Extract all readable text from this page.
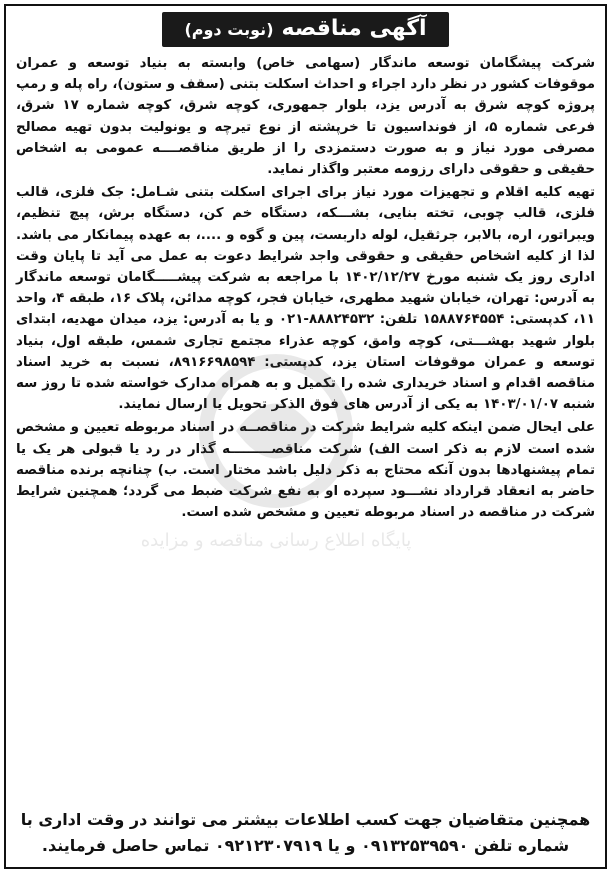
پایگاه اطلاع رسانی مناقصه و مزایده
آگهی مناقصه
(نوبت دوم)

شرکت پیشگامان توسعه ماندگار (سهامی خاص) وابسته به بنیاد توسعه و عمران موقوفات کشور در نظر دارد اجراء و احداث اسکلت بتنی (سقف و ستون)، راه پله و رمپ پروژه کوچه شرق به آدرس یزد، بلوار جمهوری، کوچه شرق، کوچه شماره ۱۷ شرق، فرعی شماره ۵، از فونداسیون تا خرپشته از نوع تیرچه و یونولیت بدون تهیه مصالح مصرفی مورد نیاز و به صورت دستمزدی را از طریق مناقصــــه عمومی به اشخاص حقیقی و حقوقی دارای رزومه معتبر واگذار نماید.

تهیه کلیه اقلام و تجهیزات مورد نیاز برای اجرای اسکلت بتنی شـامل: جک فلزی، قالب فلزی، قالب چوبی، تخته بنایی، بشـــکه، دستگاه خم کن، دستگاه برش، پیچ تنظیم، ویبراتور، اره، بالابر، جرثقیل، لوله داربست، پین و گوه و ....، به عهده پیمانکار می باشد. لذا از کلیه اشخاص حقیقی و حقوقی واجد شرایط دعوت به عمل می آید تا پایان وقت اداری روز یک شنبه مورخ ۱۴۰۲/۱۲/۲۷ با مراجعه به شرکت پیشـــــگامان توسعه ماندگار به آدرس: تهران، خیابان شهید مطهری، خیابان فجر، کوچه مدائن، پلاک ۱۶، طبقه ۴، واحد ۱۱، کدپستی: ۱۵۸۸۷۶۴۵۵۴ تلفن: ۸۸۸۲۴۵۳۲-۰۲۱ و یا به آدرس: یزد، میدان مهدیه، ابتدای بلوار شهید بهشـــتی، کوچه وامق، کوچه عذراء مجتمع تجاری شمس، طبقه اول، بنیاد توسعه و عمران موقوفات استان یزد، کدپستی: ۸۹۱۶۶۹۸۵۹۴، نسبت به خرید اسناد مناقصه اقدام و اسناد خریداری شده را تکمیل و به همراه مدارک خواسته شده تا روز سه شنبه ۱۴۰۳/۰۱/۰۷ به یکی از آدرس های فوق الذکر تحویل یا ارسال نمایند.

علی ایحال ضمن اینکه کلیه شرایط شرکت در مناقصــه در اسناد مربوطه تعیین و مشخص شده است لازم به ذکر است الف) شرکت مناقصـــــــــه گذار در رد یا قبولی هر یک یا تمام پیشنهادها بدون آنکه محتاج به ذکر دلیل باشد مختار است. ب) چنانچه برنده مناقصه حاضر به انعقاد قرارداد نشـــود سپرده او به نفع شرکت ضبط می گردد؛ همچنین شرایط شرکت در مناقصه در اسناد مربوطه تعیین و مشخص شده است.

همچنین متقاضیان جهت کسب اطلاعات بیشتر می توانند در وقت اداری با شماره تلفن ۰۹۱۳۲۵۳۹۵۹۰ و یا ۰۹۲۱۲۳۰۷۹۱۹ تماس حاصل فرمایند.
